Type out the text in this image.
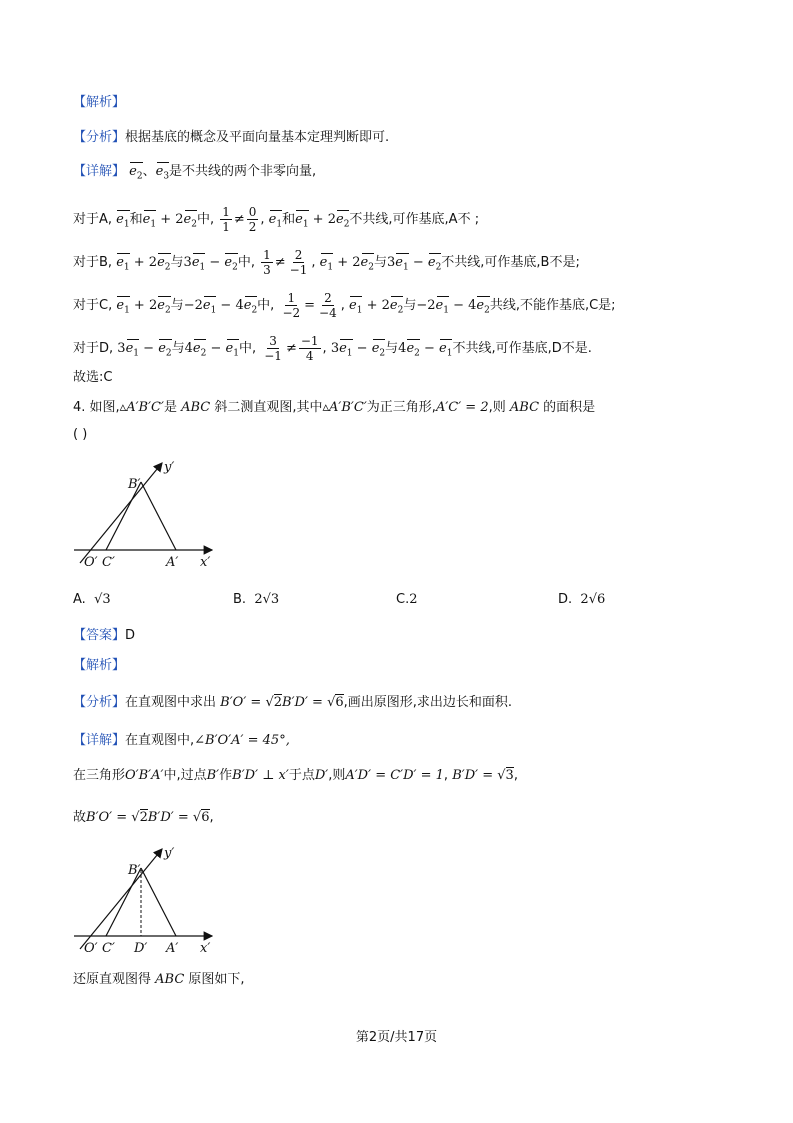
【解析】
【分析】根据基底的概念及平面向量基本定理判断即可.
【详解】 $e_2$、$e_3$是不共线的两个非零向量,
对于A, $e_1$和$e_1 + 2e_2$中, $\frac{1}{1} \ne \frac{0}{2}$ , $e_1$和$e_1 + 2e_2$不共线,可作基底,A不 ;
对于B, $e_1 + 2e_2$与$3e_1 - e_2$中, $\frac{1}{3} \ne \frac{2}{-1}$ , $e_1 + 2e_2$与$3e_1 - e_2$不共线,可作基底,B不是;
对于C, $e_1 + 2e_2$与$-2e_1 - 4e_2$中, $\frac{1}{-2} = \frac{2}{-4}$ , $e_1 + 2e_2$与$-2e_1 - 4e_2$共线,不能作基底,C是;
对于D, $3e_1 - e_2$与$4e_2 - e_1$中, $\frac{3}{-1} \ne \frac{-1}{4}$ , $3e_1 - e_2$与$4e_2 - e_1$不共线,可作基底,D不是.
故选:C
4. 如图,▵A′B′C′是 ABC 斜二测直观图,其中▵A′B′C′为正三角形,A′C′ = 2,则 ABC 的面积是
( )
B′
y′
O′ C′	A′ x′
A. √3	B. 2√3	C.2	D. 2√6
【答案】D
【解析】
【分析】在直观图中求出 B′O′ = √2B′D′ = √6,画出原图形,求出边长和面积.
【详解】在直观图中,∠B′O′A′ = 45°,
在三角形O′B′A′中,过点B′作B′D′ ⊥ x′于点D′,则A′D′ = C′D′ = 1, B′D′ = √3,
故B′O′ = √2B′D′ = √6,
B′
y′
O′ C′ D′ A′ x′
还原直观图得 ABC 原图如下,
第2页/共17页
